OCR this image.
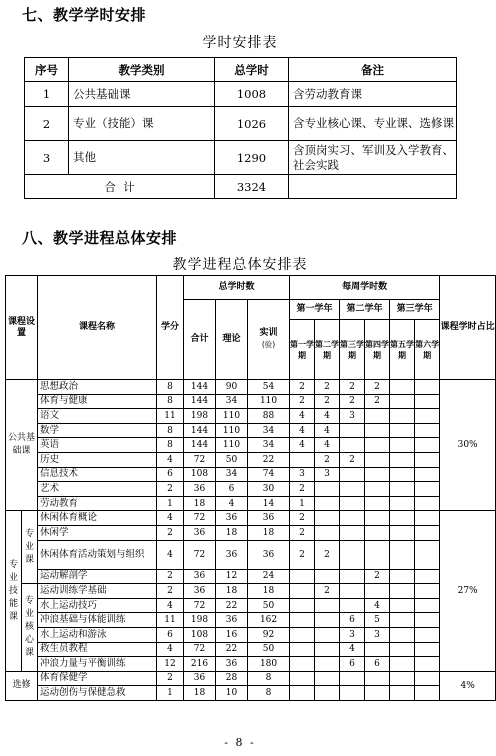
七、教学学时安排
学时安排表
序号	教学类别	总学时	备注
1	公共基础课	1008	含劳动教育课
2	专业（技能）课	1026	含专业核心课、专业课、选修课
3	其他	1290	含顶岗实习、军训及入学教育、社会实践
合  计		3324	
八、教学进程总体安排
教学进程总体安排表
课程设置		课程名称	学分	总学时数			每周学时数						课程学时占比
				合计	理论	实训
(验)	第一学年		第二学年		第三学年		
							第一学期	第二学期	第三学期	第四学期	第五学期	第六学期	
公共基础课		思想政治	8	144	90	54	2	2	2	2			30%
		体育与健康	8	144	34	110	2	2	2	2			
		语文	11	198	110	88	4	4	3				
		数学	8	144	110	34	4	4					
		英语	8	144	110	34	4	4					
		历史	4	72	50	22		2	2				
		信息技术	6	108	34	74	3	3					
		艺术	2	36	6	30	2						
		劳动教育	1	18	4	14	1						
专业技能课	专业课	休闲体育概论	4	72	36	36	2						27%
		休闲学	2	36	18	18	2						
		休闲体育活动策划与组织	4	72	36	36	2	2					
		运动解剖学	2	36	12	24				2			
	专业核心课	运动训练学基础	2	36	18	18		2					
		水上运动技巧	4	72	22	50				4			
		冲浪基础与体能训练	11	198	36	162			6	5			
		水上运动和游泳	6	108	16	92			3	3			
		救生员教程	4	72	22	50			4				
		冲浪力量与平衡训练	12	216	36	180			6	6			
选修		体育保健学	2	36	28	8							4%
		运动创伤与保健急救	1	18	10	8							
- 8 -
